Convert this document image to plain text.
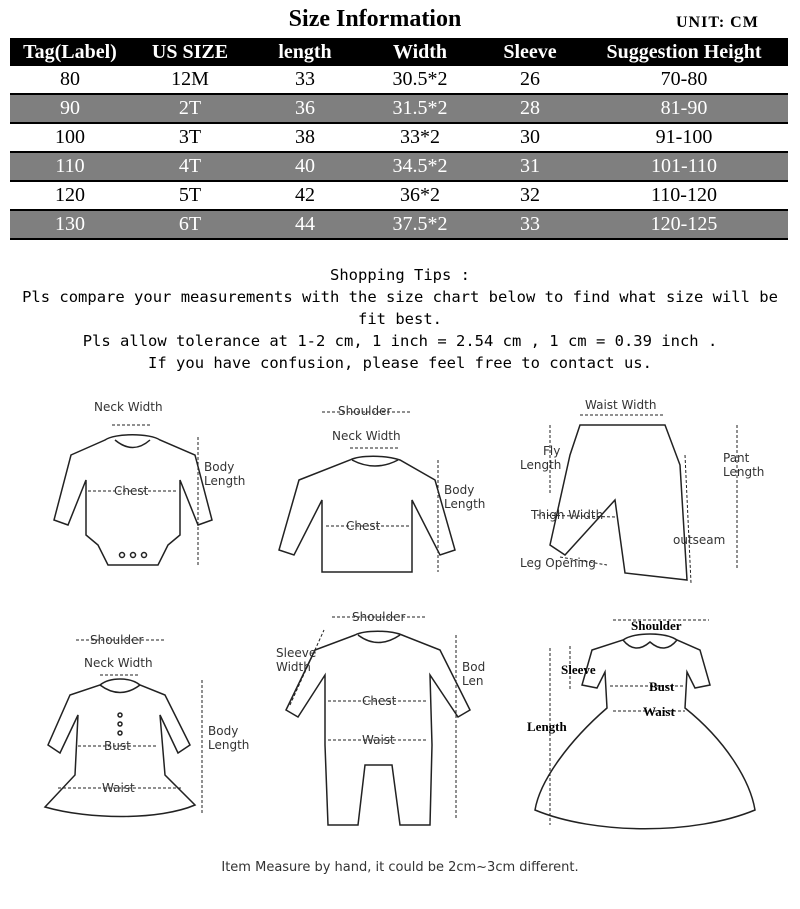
Size Information	UNIT: CM
Tag(Label)	US SIZE	length	Width	Sleeve	Suggestion Height
80	12M	33	30.5*2	26	70-80
90	2T	36	31.5*2	28	81-90
100	3T	38	33*2	30	91-100
110	4T	40	34.5*2	31	101-110
120	5T	42	36*2	32	110-120
130	6T	44	37.5*2	33	120-125

Shopping Tips :

Pls compare your measurements with the size chart below to find what size will be

fit best.

Pls allow tolerance at 1-2 cm, 1 inch = 2.54 cm , 1 cm = 0.39 inch .

If you have confusion, please feel free to contact us.

Neck Width
Chest
Body
Length
Shoulder
Neck Width
Chest
Body
Length
Waist Width
Fly
Length	Pant
Length
Thigh Width
outseam
Leg Opening
Shoulder
Neck Width
Bust
Waist
Body
Length
Shoulder
Sleeve
Width
Chest
Waist
Bod
Len
Shoulder
Sleeve
Bust
Waist
Length
Item Measure by hand, it could be 2cm~3cm different.
